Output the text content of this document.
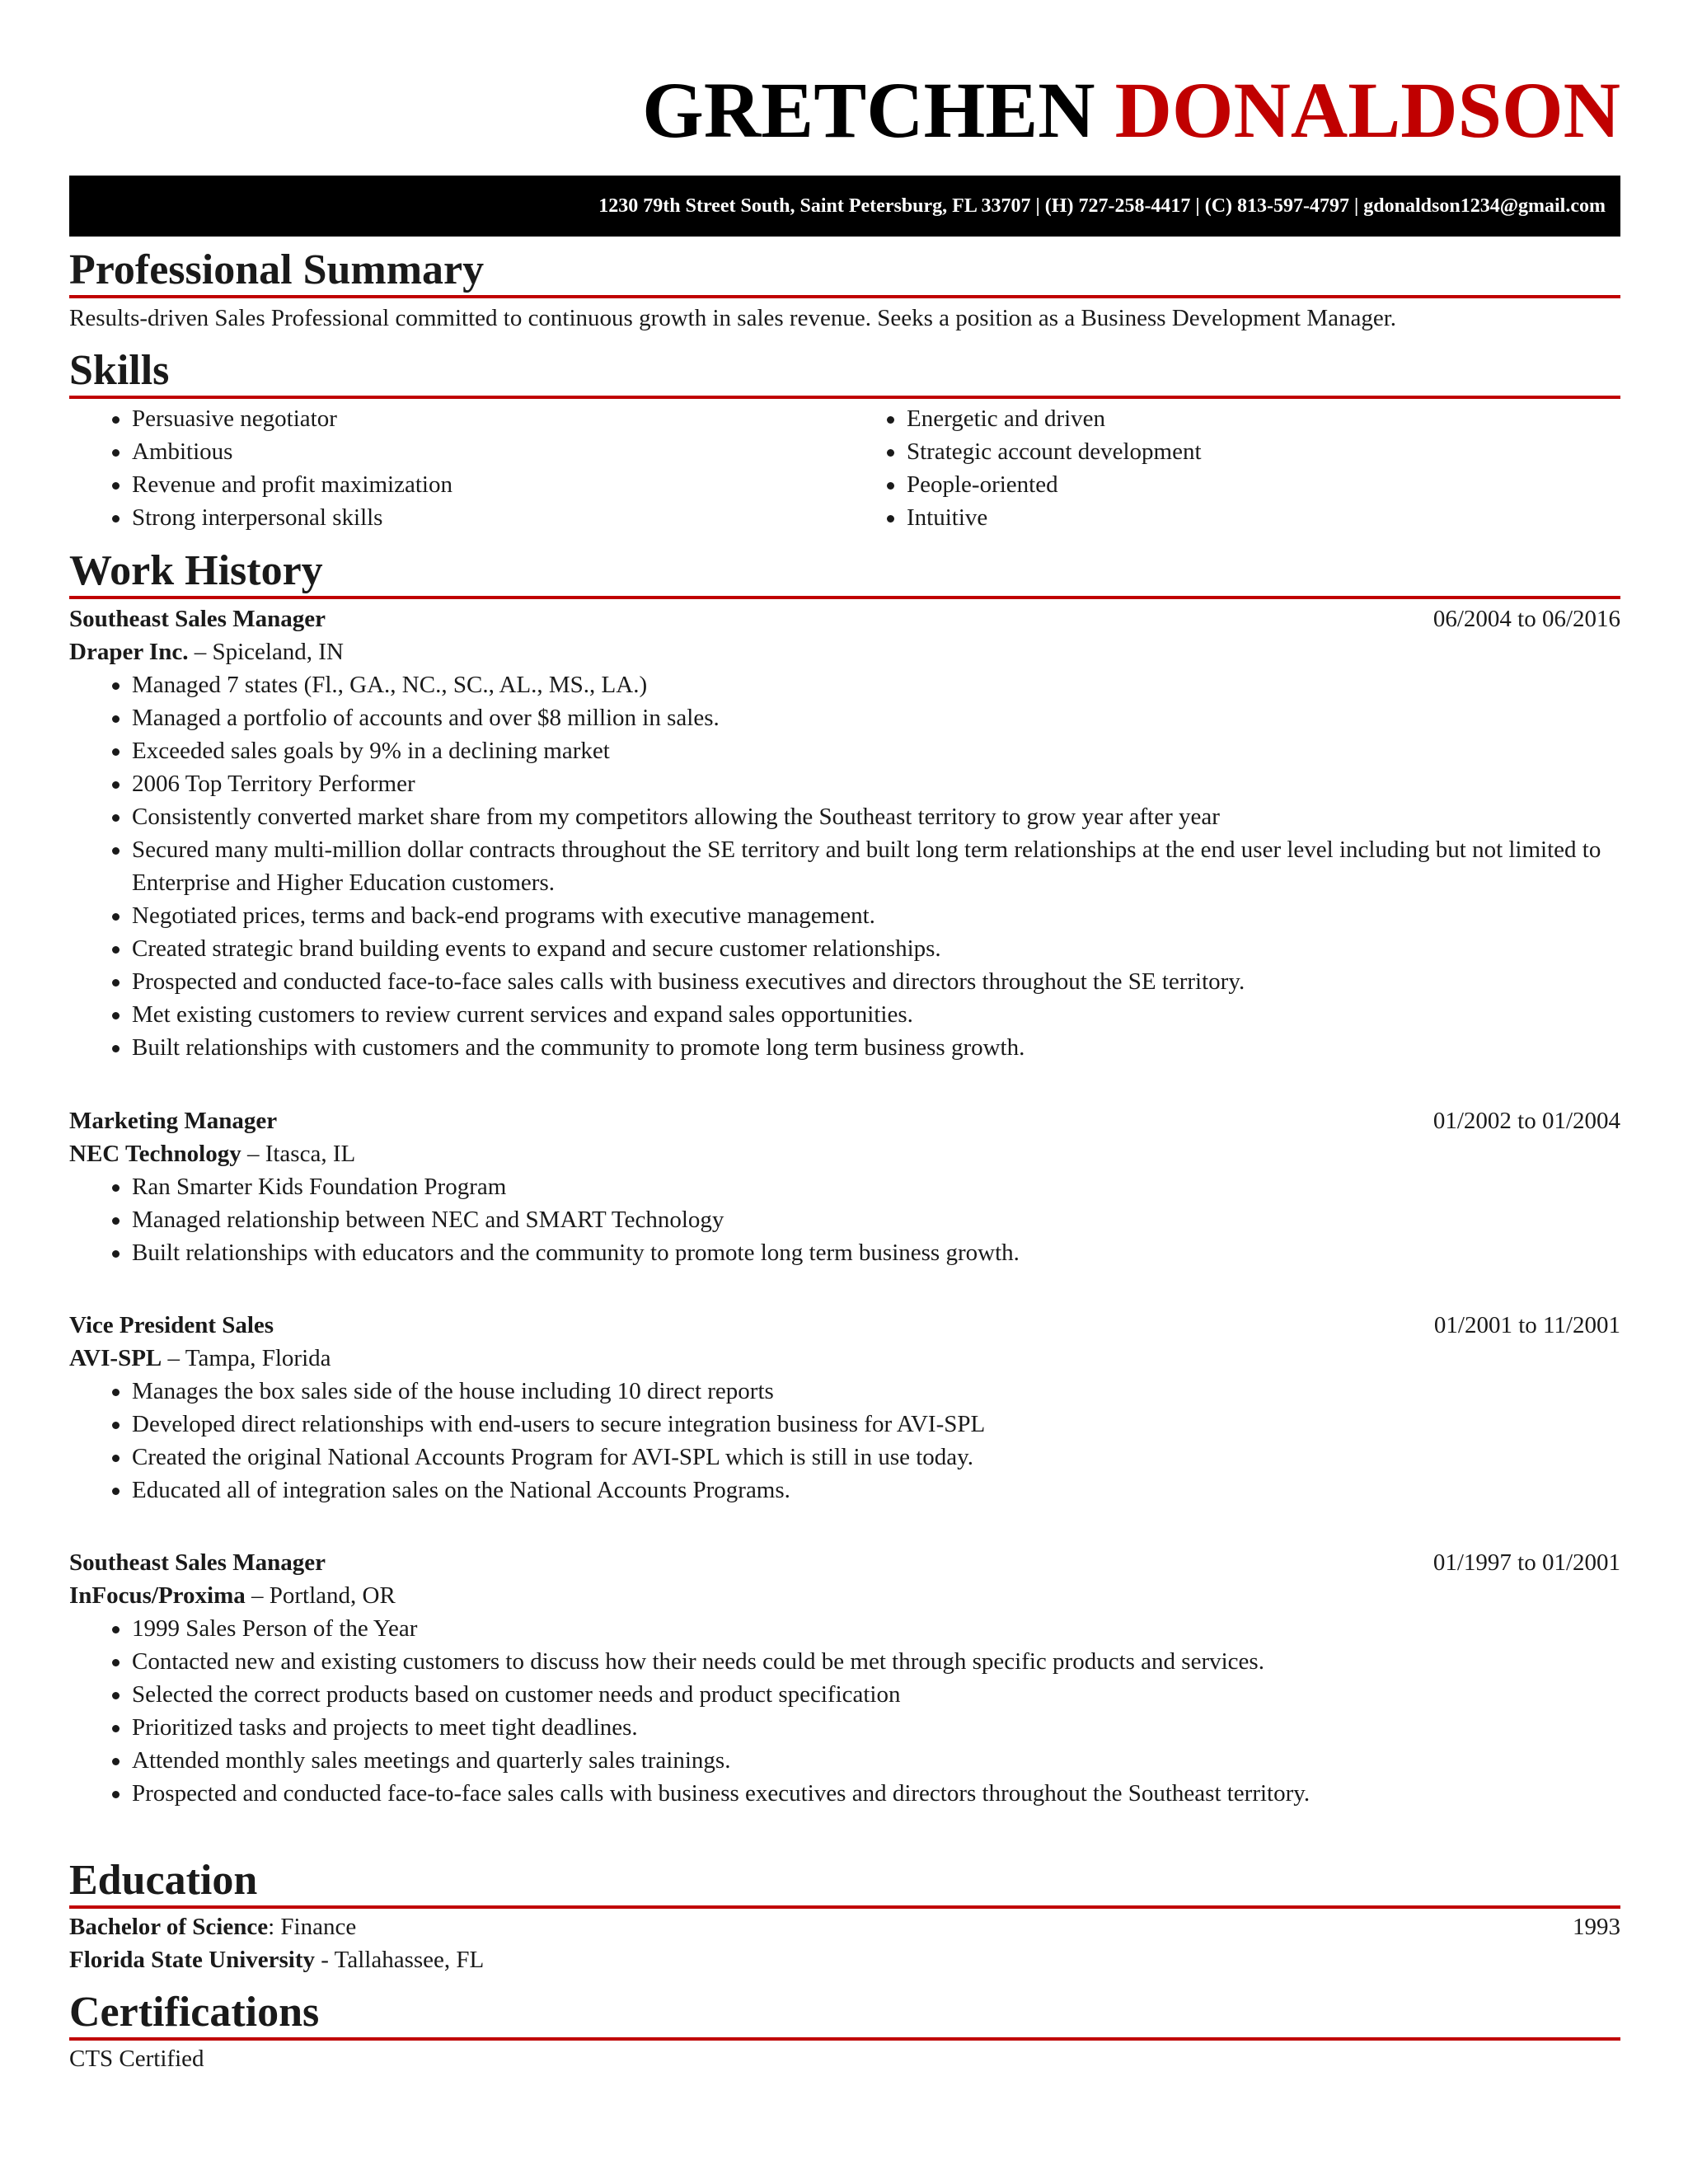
GRETCHEN DONALDSON
1230 79th Street South, Saint Petersburg, FL 33707 | (H) 727-258-4417 | (C) 813-597-4797 | gdonaldson1234@gmail.com
Professional Summary
Results-driven Sales Professional committed to continuous growth in sales revenue. Seeks a position as a Business Development Manager.
Skills
Persuasive negotiator
Ambitious
Revenue and profit maximization
Strong interpersonal skills
Energetic and driven
Strategic account development
People-oriented
Intuitive
Work History
Southeast Sales Manager	06/2004 to 06/2016
Draper Inc. – Spiceland, IN
Managed 7 states (Fl., GA., NC., SC., AL., MS., LA.)
Managed a portfolio of accounts and over $8 million in sales.
Exceeded sales goals by 9% in a declining market
2006 Top Territory Performer
Consistently converted market share from my competitors allowing the Southeast territory to grow year after year
Secured many multi-million dollar contracts throughout the SE territory and built long term relationships at the end user level including but not limited to Enterprise and Higher Education customers.
Negotiated prices, terms and back-end programs with executive management.
Created strategic brand building events to expand and secure customer relationships.
Prospected and conducted face-to-face sales calls with business executives and directors throughout the SE territory.
Met existing customers to review current services and expand sales opportunities.
Built relationships with customers and the community to promote long term business growth.
Marketing Manager	01/2002 to 01/2004
NEC Technology – Itasca, IL
Ran Smarter Kids Foundation Program
Managed relationship between NEC and SMART Technology
Built relationships with educators and the community to promote long term business growth.
Vice President Sales	01/2001 to 11/2001
AVI-SPL – Tampa, Florida
Manages the box sales side of the house including 10 direct reports
Developed direct relationships with end-users to secure integration business for AVI-SPL
Created the original National Accounts Program for AVI-SPL which is still in use today.
Educated all of integration sales on the National Accounts Programs.
Southeast Sales Manager	01/1997 to 01/2001
InFocus/Proxima – Portland, OR
1999 Sales Person of the Year
Contacted new and existing customers to discuss how their needs could be met through specific products and services.
Selected the correct products based on customer needs and product specification
Prioritized tasks and projects to meet tight deadlines.
Attended monthly sales meetings and quarterly sales trainings.
Prospected and conducted face-to-face sales calls with business executives and directors throughout the Southeast territory.
Education
Bachelor of Science: Finance	1993
Florida State University - Tallahassee, FL
Certifications
CTS Certified
